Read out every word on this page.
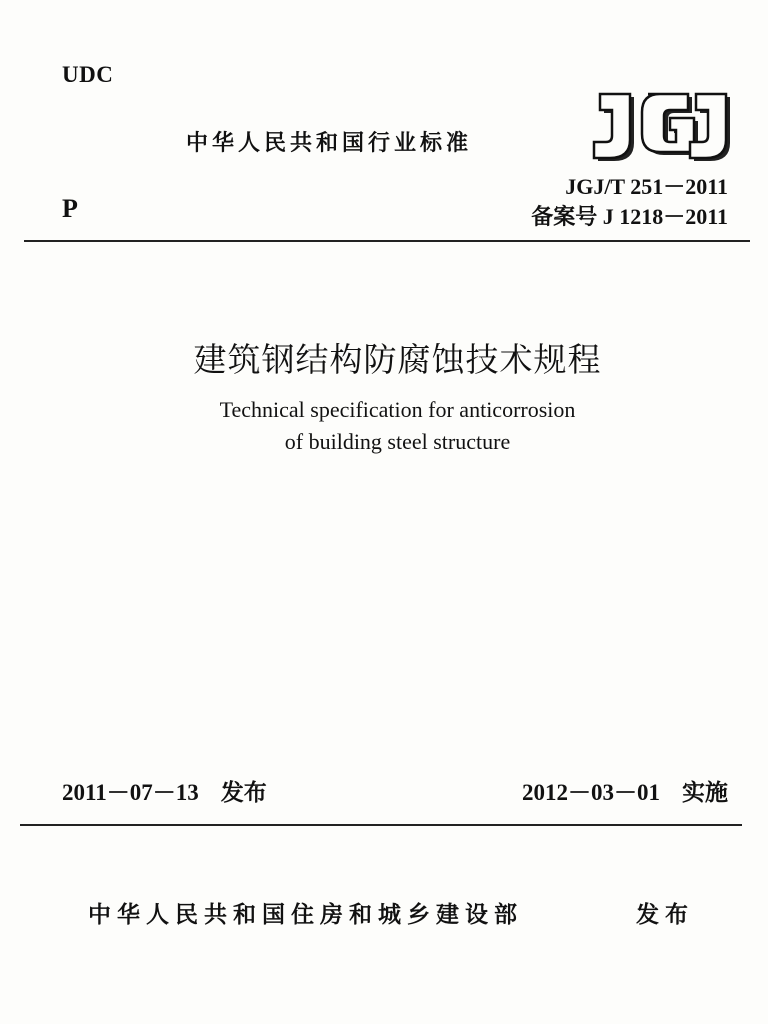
UDC
P
中华人民共和国行业标准
JGJ/T 251－2011
备案号 J 1218－2011
建筑钢结构防腐蚀技术规程
Technical specification for anticorrosion
of building steel structure
2011－07－13 发布	2012－03－01 实施
中华人民共和国住房和城乡建设部	发布
